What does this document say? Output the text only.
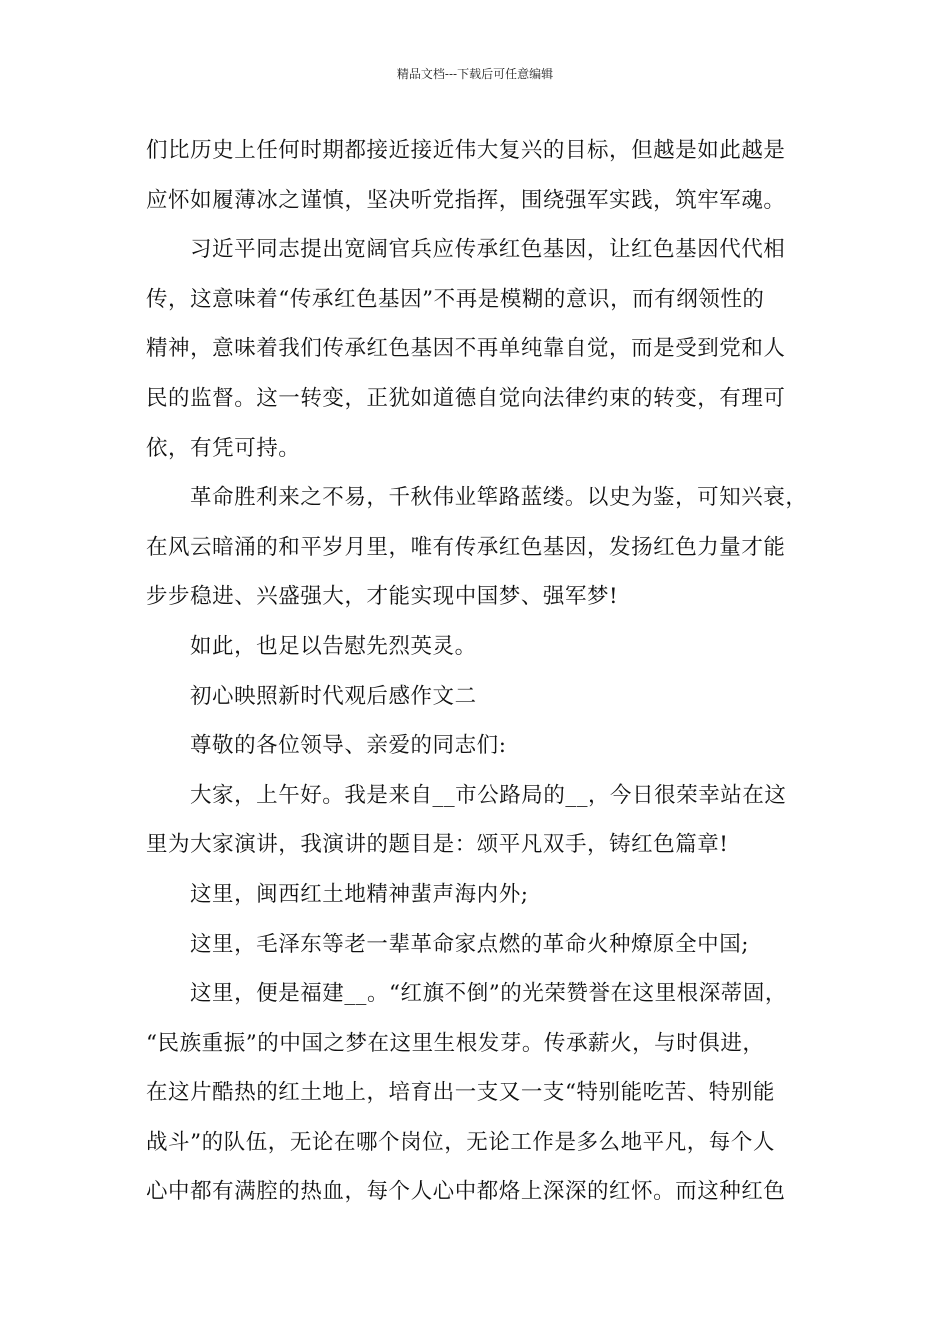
精品文档---下载后可任意编辑
们比历史上任何时期都接近接近伟大复兴的目标，但越是如此越是
应怀如履薄冰之谨慎，坚决听党指挥，围绕强军实践，筑牢军魂。
习近平同志提出宽阔官兵应传承红色基因，让红色基因代代相
传，这意味着“传承红色基因”不再是模糊的意识，而有纲领性的
精神，意味着我们传承红色基因不再单纯靠自觉，而是受到党和人
民的监督。这一转变，正犹如道德自觉向法律约束的转变，有理可
依，有凭可持。
革命胜利来之不易，千秋伟业筚路蓝缕。以史为鉴，可知兴衰，
在风云暗涌的和平岁月里，唯有传承红色基因，发扬红色力量才能
步步稳进、兴盛强大，才能实现中国梦、强军梦!
如此，也足以告慰先烈英灵。
初心映照新时代观后感作文二
尊敬的各位领导、亲爱的同志们:
大家，上午好。我是来自__市公路局的__，今日很荣幸站在这
里为大家演讲，我演讲的题目是：颂平凡双手，铸红色篇章!
这里，闽西红土地精神蜚声海内外;
这里，毛泽东等老一辈革命家点燃的革命火种燎原全中国;
这里，便是福建__。“红旗不倒”的光荣赞誉在这里根深蒂固，
“民族重振”的中国之梦在这里生根发芽。传承薪火，与时俱进，
在这片酷热的红土地上，培育出一支又一支“特别能吃苦、特别能
战斗”的队伍，无论在哪个岗位，无论工作是多么地平凡，每个人
心中都有满腔的热血，每个人心中都烙上深深的红怀。而这种红色
